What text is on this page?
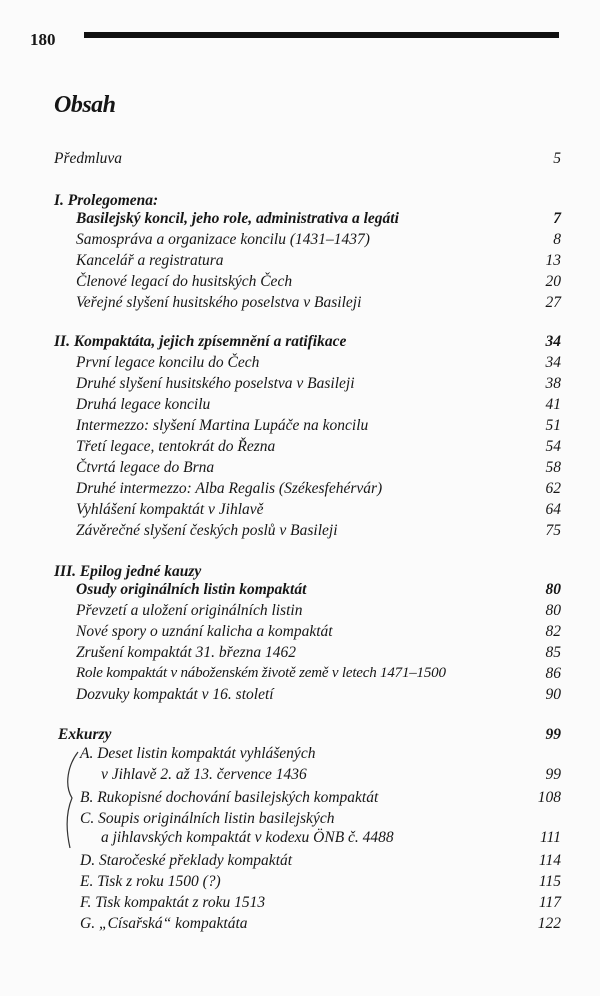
180
Obsah
Předmluva	5
I. Prolegomena:
Basilejský koncil, jeho role, administrativa a legáti	7
Samospráva a organizace koncilu (1431–1437)	8
Kancelář a registratura	13
Členové legací do husitských Čech	20
Veřejné slyšení husitského poselstva v Basileji	27
II. Kompaktáta, jejich zpísemnění a ratifikace	34
První legace koncilu do Čech	34
Druhé slyšení husitského poselstva v Basileji	38
Druhá legace koncilu	41
Intermezzo: slyšení Martina Lupáče na koncilu	51
Třetí legace, tentokrát do Řezna	54
Čtvrtá legace do Brna	58
Druhé intermezzo: Alba Regalis (Székesfehérvár)	62
Vyhlášení kompaktát v Jihlavě	64
Závěrečné slyšení českých poslů v Basileji	75
III. Epilog jedné kauzy
Osudy originálních listin kompaktát	80
Převzetí a uložení originálních listin	80
Nové spory o uznání kalicha a kompaktát	82
Zrušení kompaktát 31. března 1462	85
Role kompaktát v náboženském životě země v letech 1471–1500	86
Dozvuky kompaktát v 16. století	90
Exkurzy	99
A. Deset listin kompaktát vyhlášených
v Jihlavě 2. až 13. července 1436	99
B. Rukopisné dochování basilejských kompaktát	108
C. Soupis originálních listin basilejských
a jihlavských kompaktát v kodexu ÖNB č. 4488	111
D. Staročeské překlady kompaktát	114
E. Tisk z roku 1500 (?)	115
F. Tisk kompaktát z roku 1513	117
G. „Císařská“ kompaktáta	122
